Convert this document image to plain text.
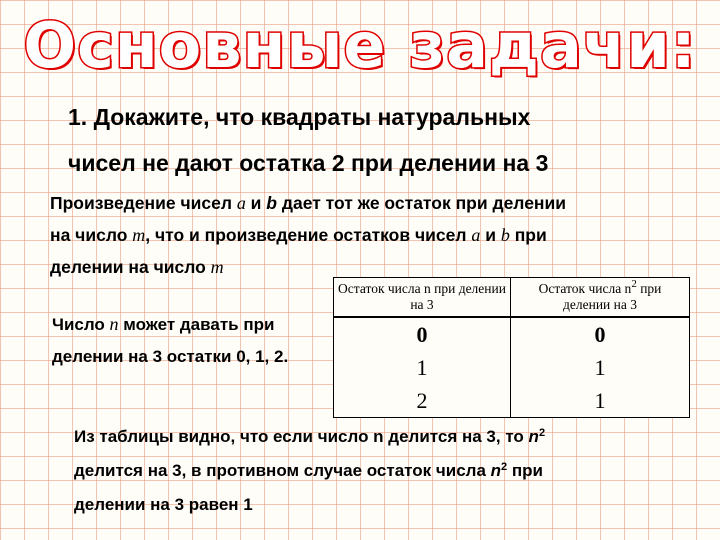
Основные задачи:
1. Докажите, что квадраты натуральных
чисел не дают остатка 2 при делении на 3
Произведение чисел a и b дает тот же остаток при делении
на число m, что и произведение остатков чисел a и b при
делении на число m
Число n может давать при
делении на 3 остатки 0, 1, 2.
Остаток числа n при делении на 3	Остаток числа $n^2$ при делении на 3
0	0
1	1
2	1
Из таблицы видно, что если число n делится на 3, то $n^2$
делится на 3, в противном случае остаток числа $n^2$ при
делении на 3 равен 1
